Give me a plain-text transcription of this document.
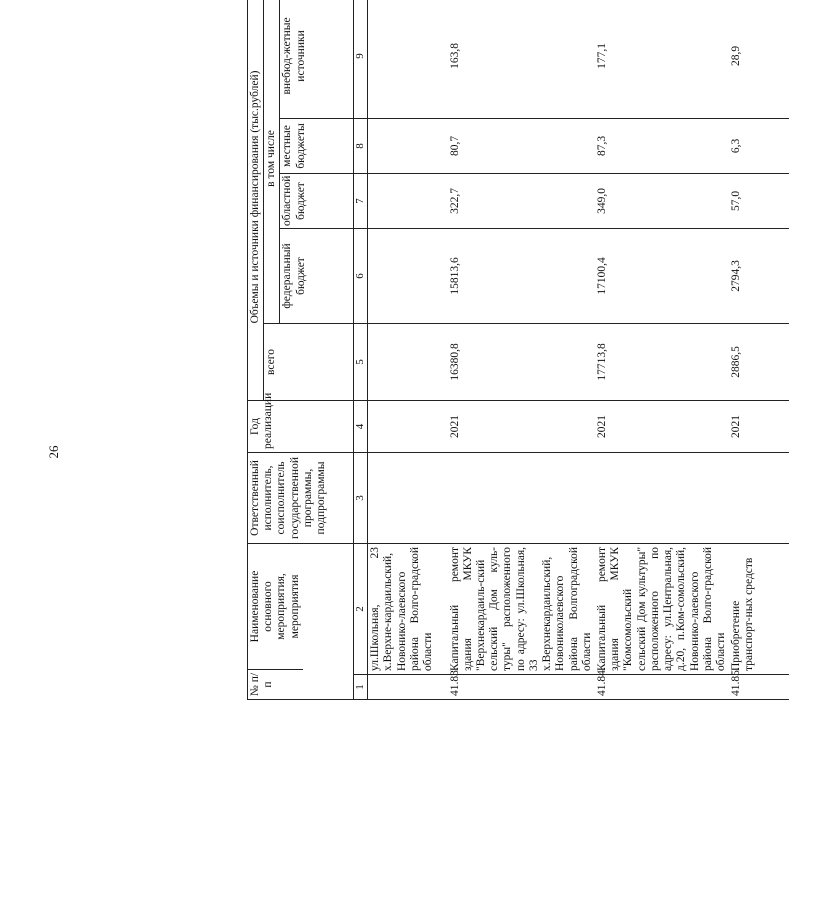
26
№ п/п
Наименование основного мероприятия, мероприятия		Ответственный исполнитель, соисполнитель государственной программы, подпрограммы	Год реализации	Объемы и источники финансирования (тыс.рублей)	
				всего	в том числе				
					федеральный бюджет	областной бюджет	местные бюджеты	внебюд-жетные источники	
1	2	3	4	5	6	7	8	9	
	ул.Школьная, 23 х.Верхне-кардаильский, Новонико-лаевского района Волго-градской области								
41.83.	Капитальный ремонт здания МКУК "Верхнекардаиль-ский сельский Дом куль-туры" расположенного по адресу: ул.Школьная, 33 х.Верхнекардаильский, Новониколаевского района Волгоградской области		2021	16380,8	15813,6	322,7	80,7	163,8	
41.84.	Капитальный ремонт здания МКУК "Комсомольский сельский Дом культуры" расположенного по адресу: ул.Центральная, д.20, п.Ком-сомольский, Новонико-лаевского района Волго-градской области		2021	17713,8	17100,4	349,0	87,3	177,1	
41.85.	Приобретение транспорт-ных средств		2021	2886,5	2794,3	57,0	6,3	28,9	
